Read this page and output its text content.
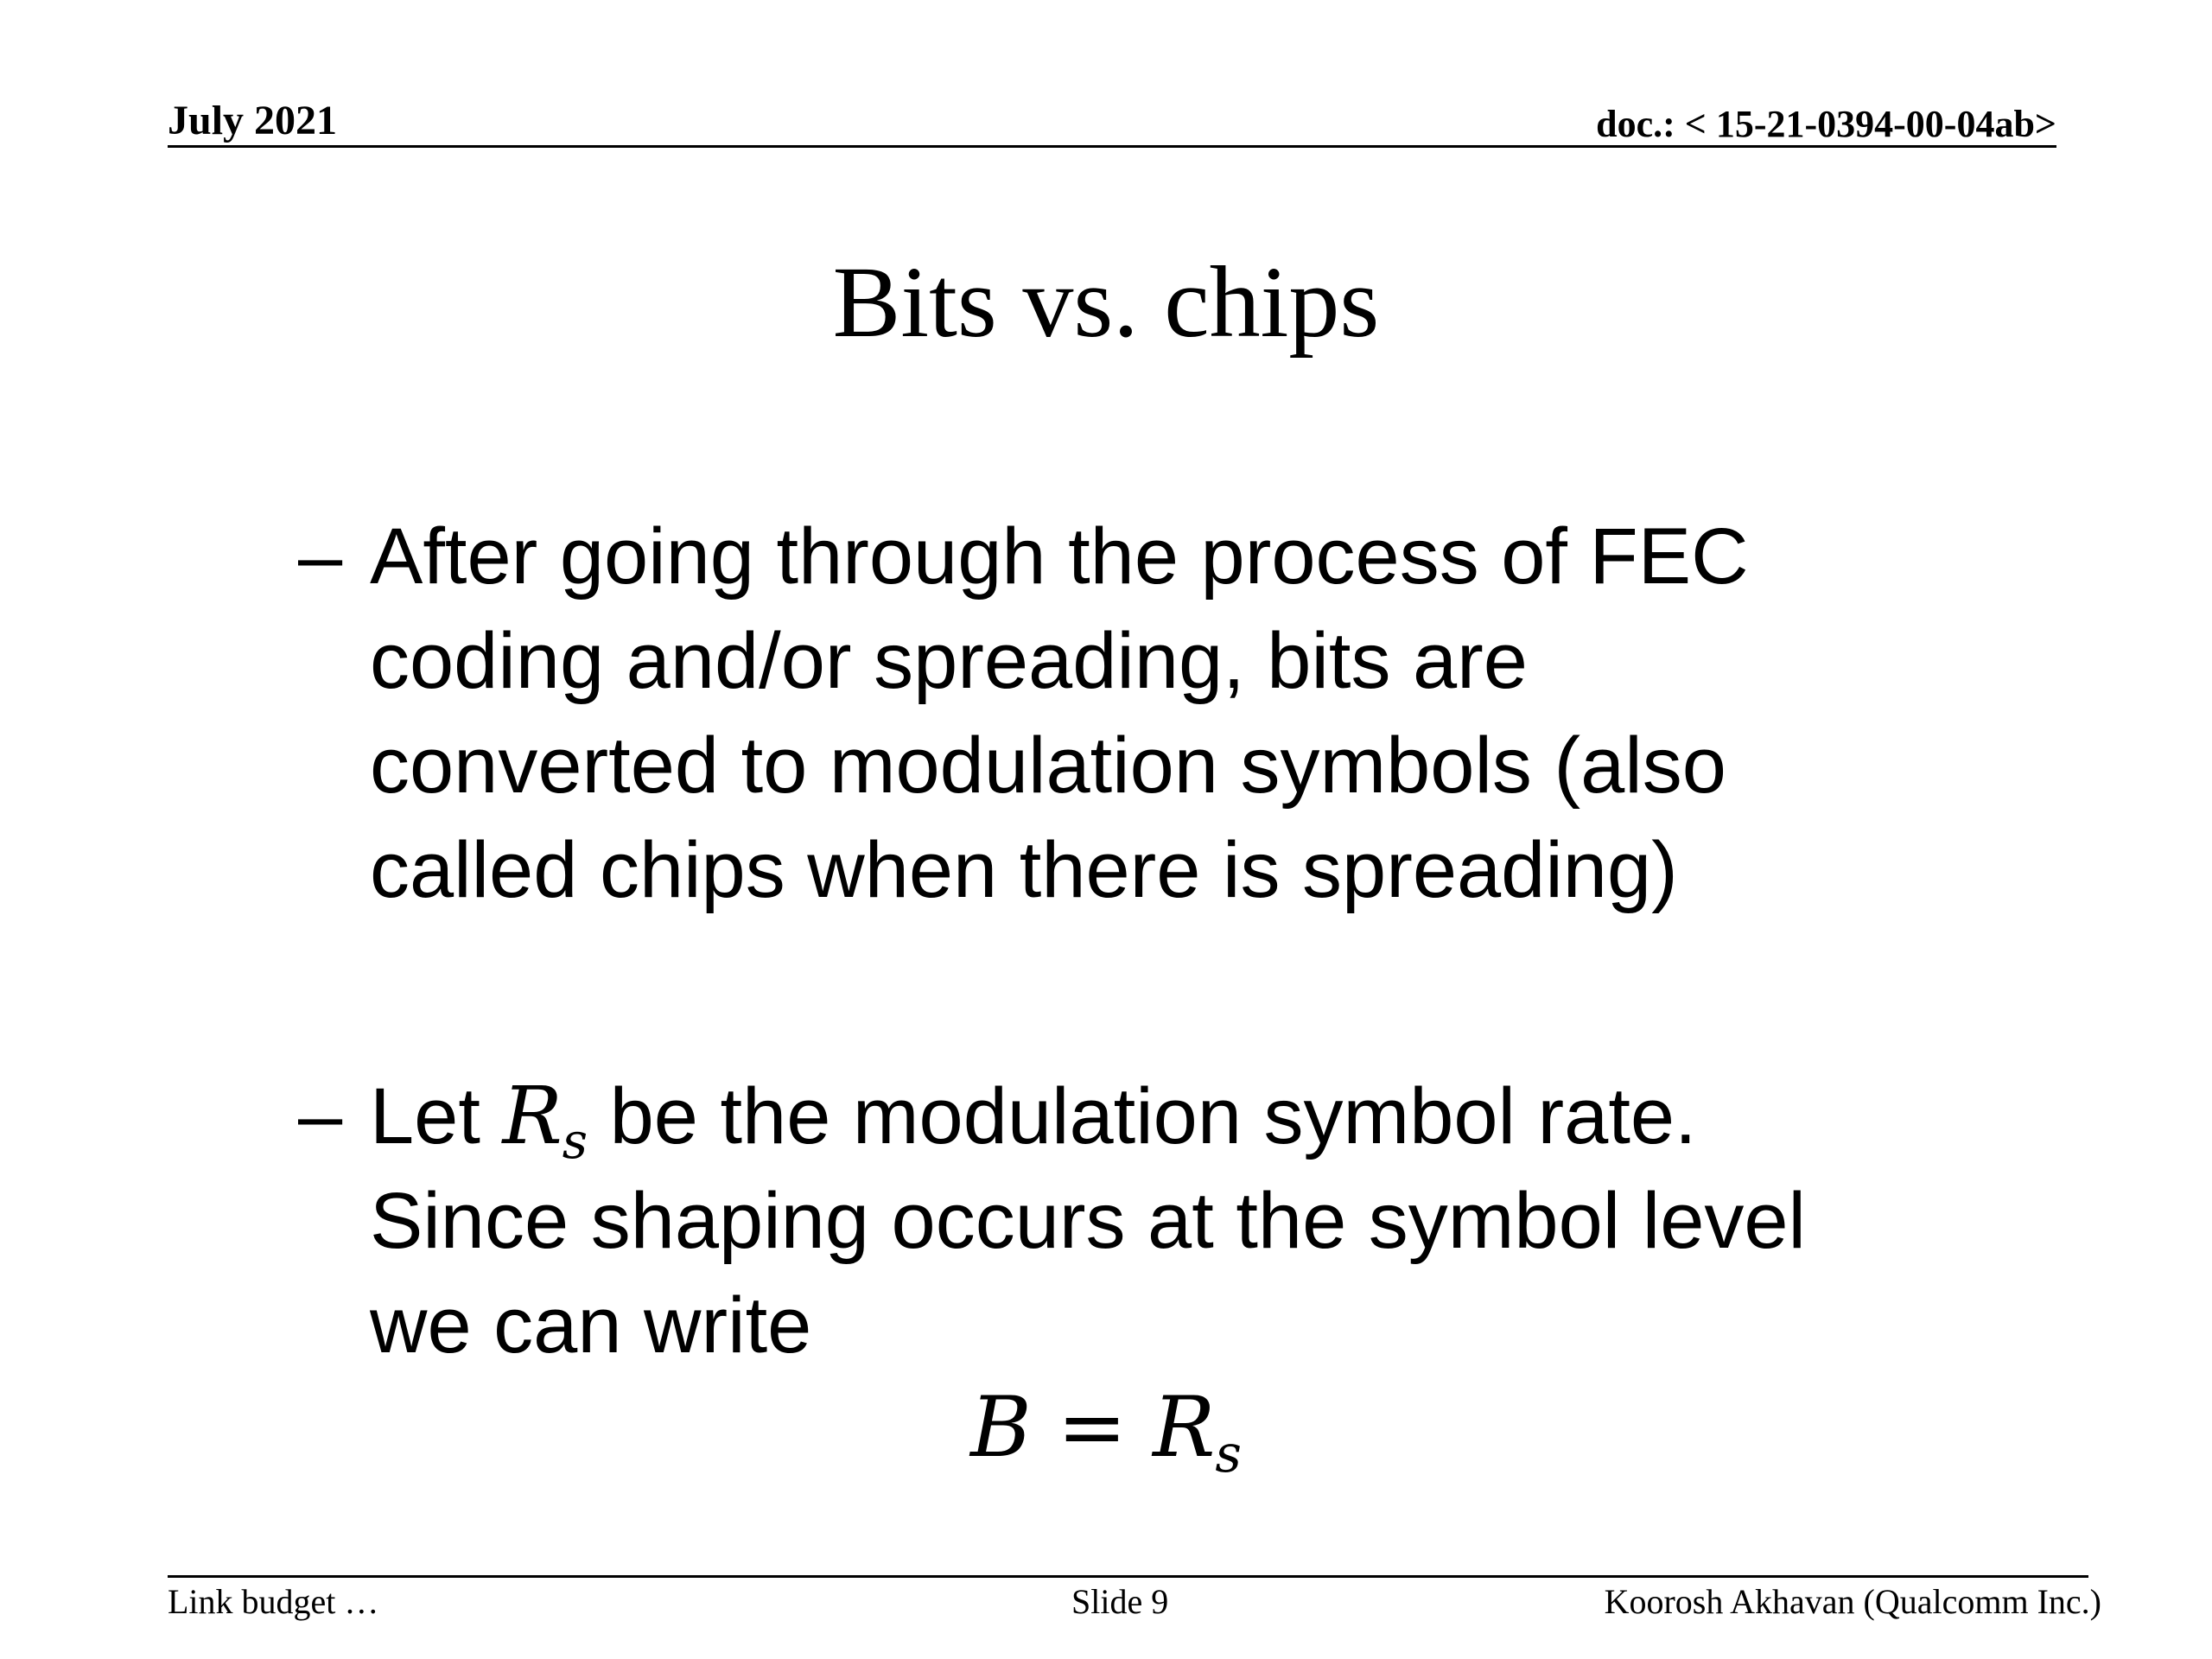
July 2021	doc.: < 15-21-0394-00-04ab>
Bits vs. chips
– After going through the process of FEC
coding and/or spreading, bits are
converted to modulation symbols (also
called chips when there is spreading)
– Let $R_s$ be the modulation symbol rate.
Since shaping occurs at the symbol level
we can write
$B = R_s$
Link budget …	Slide 9	Koorosh Akhavan (Qualcomm Inc.)
